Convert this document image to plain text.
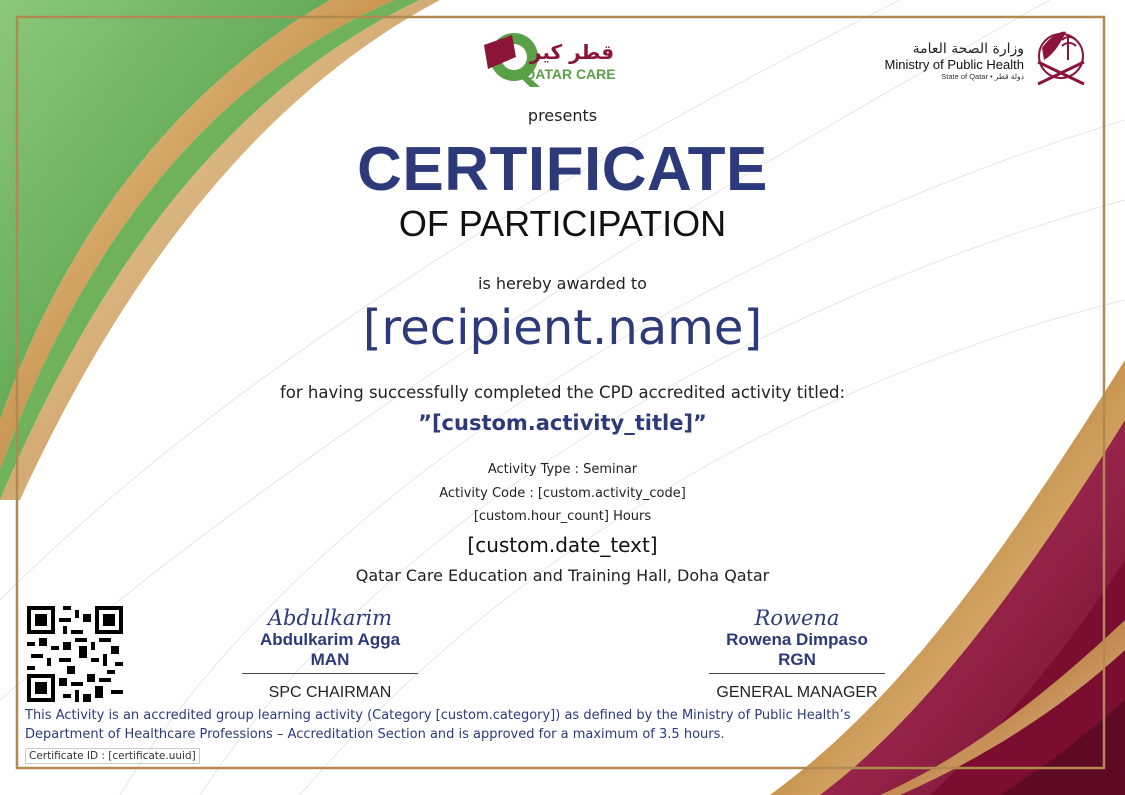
قطر كير
QATAR CARE
وزارة الصحة العامة
Ministry of Public Health
State of Qatar • دولة قطر
presents
CERTIFICATE
OF PARTICIPATION
is hereby awarded to
[recipient.name]
for having successfully completed the CPD accredited activity titled:
”[custom.activity_title]”
Activity Type : Seminar
Activity Code : [custom.activity_code]
[custom.hour_count] Hours
[custom.date_text]
Qatar Care Education and Training Hall, Doha Qatar
Abdulkarim
Abdulkarim Agga MAN
SPC CHAIRMAN
Rowena
Rowena Dimpaso RGN
GENERAL MANAGER
This Activity is an accredited group learning activity (Category [custom.category]) as defined by the Ministry of Public Health’s Department of Healthcare Professions – Accreditation Section and is approved for a maximum of 3.5 hours.
Certificate ID : [certificate.uuid]
